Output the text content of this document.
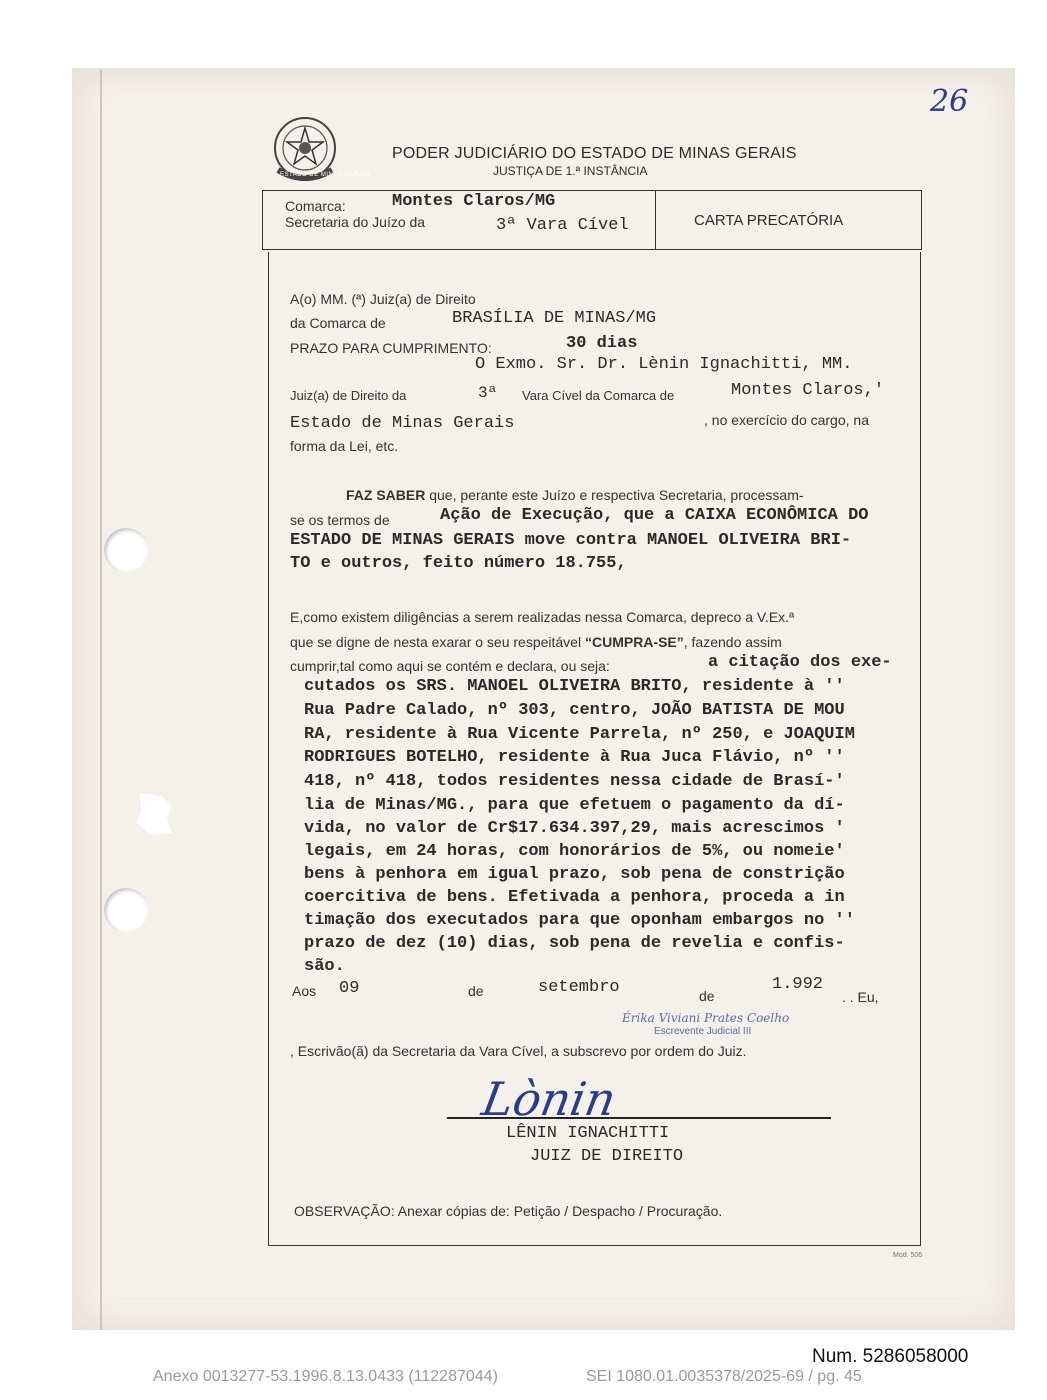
ESTADO DE MINAS GERAIS
PODER JUDICIÁRIO DO ESTADO DE MINAS GERAIS
JUSTIÇA DE 1.ª INSTÂNCIA
26
Comarca:	Montes Claros/MG
Secretaria do Juízo da	3ª Vara Cível	CARTA PRECATÓRIA
A(o) MM. (ª) Juiz(a) de Direito
da Comarca de	BRASÍLIA DE MINAS/MG
PRAZO PARA CUMPRIMENTO:	30 dias
O Exmo. Sr. Dr. Lènin Ignachitti, MM.
Juiz(a) de Direito da	3ª Vara Cível da Comarca de	Montes Claros,'
Estado de Minas Gerais	, no exercício do cargo, na
forma da Lei, etc.
FAZ SABER que, perante este Juízo e respectiva Secretaria, processam-
se os termos de	Ação de Execução, que a CAIXA ECONÔMICA DO
ESTADO DE MINAS GERAIS move contra MANOEL OLIVEIRA BRI-
TO e outros, feito número 18.755,
E,como existem diligências a serem realizadas nessa Comarca, depreco a V.Ex.ª
que se digne de nesta exarar o seu respeitável “CUMPRA-SE”, fazendo assim
cumprir,tal como aqui se contém e declara, ou seja:	a citação dos exe-
cutados os SRS. MANOEL OLIVEIRA BRITO, residente à ''
Rua Padre Calado, nº 303, centro, JOÃO BATISTA DE MOU
RA, residente à Rua Vicente Parrela, nº 250, e JOAQUIM
RODRIGUES BOTELHO, residente à Rua Juca Flávio, nº ''
418, nº 418, todos residentes nessa cidade de Brasí-'
lia de Minas/MG., para que efetuem o pagamento da dí-
vida, no valor de Cr$17.634.397,29, mais acrescimos '
legais, em 24 horas, com honorários de 5%, ou nomeie'
bens à penhora em igual prazo, sob pena de constrição
coercitiva de bens. Efetivada a penhora, proceda a in
timação dos executados para que oponham embargos no ''
prazo de dez (10) dias, sob pena de revelia e confis-
são.
Aos 09	de	setembro	de
1.992
. . Eu,
Érika Viviani Prates Coelho
Escrevente Judicial III
, Escrivão(ã) da Secretaria da Vara Cível, a subscrevo por ordem do Juiz.
Lònin
LÊNIN IGNACHITTI
JUIZ DE DIREITO
OBSERVAÇÃO: Anexar cópias de: Petição / Despacho / Procuração.
Mod. 506
Num. 5286058000
Anexo 0013277-53.1996.8.13.0433 (112287044)	SEI 1080.01.0035378/2025-69 / pg. 45
